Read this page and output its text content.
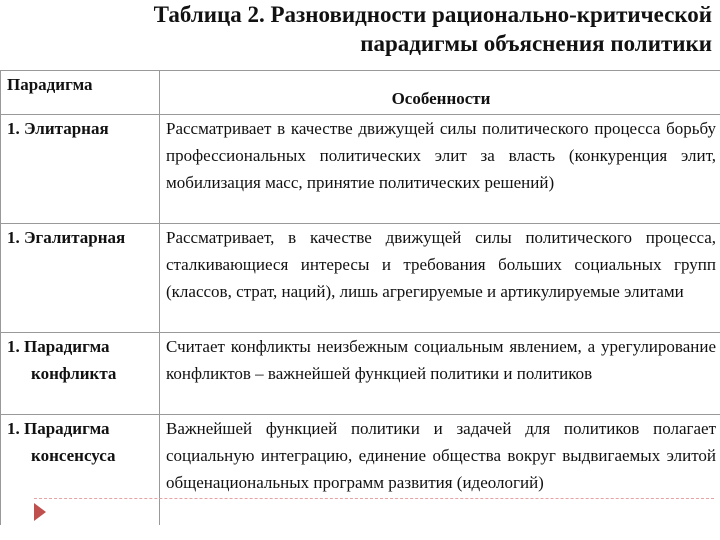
Таблица 2. Разновидности рационально-критической
парадигмы объяснения политики
Парадигма	Особенности

1. Элитарная	Рассматривает в качестве движущей силы политического процесса борьбу профессиональных политических элит за власть (конкуренция элит, мобилизация масс, принятие политических решений)

1. Эгалитарная	Рассматривает, в качестве движущей силы политического процесса, сталкивающиеся интересы и требования больших социальных групп (классов, страт, наций), лишь агрегируемые и артикулируемые элитами

1. Парадигма
конфликта	Считает конфликты неизбежным социальным явлением, а урегулирование конфликтов – важнейшей функцией политики и политиков

1. Парадигма
консенсуса	Важнейшей функцией политики и задачей для политиков полагает социальную интеграцию, единение общества вокруг выдвигаемых элитой общенациональных программ развития (идеологий)
